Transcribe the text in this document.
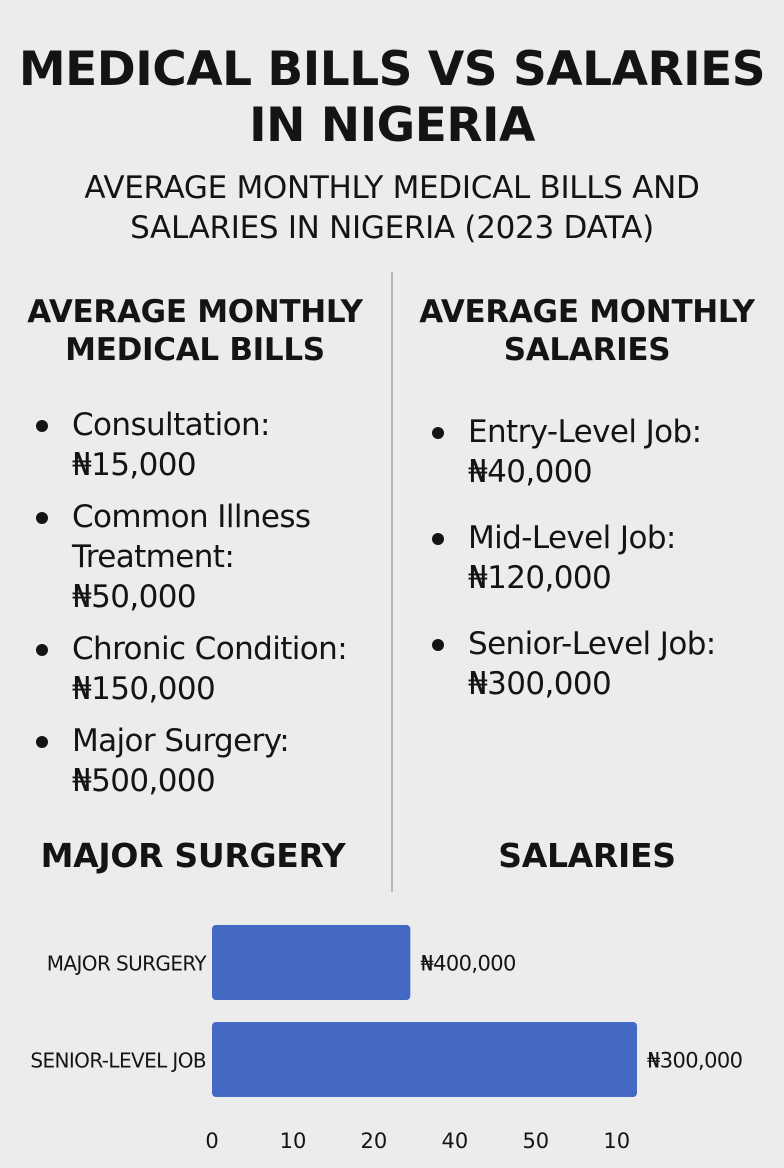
MEDICAL BILLS VS SALARIES
IN NIGERIA
AVERAGE MONTHLY MEDICAL BILLS AND
SALARIES IN NIGERIA (2023 DATA)
AVERAGE MONTHLY
MEDICAL BILLS
AVERAGE MONTHLY
SALARIES
Consultation:
₦15,000
Common Illness Treatment:
₦50,000
Chronic Condition:
₦150,000
Major Surgery:
₦500,000
Entry-Level Job:
₦40,000
Mid-Level Job:
₦120,000
Senior-Level Job:
₦300,000
MAJOR SURGERY	SALARIES
MAJOR SURGERY	₦400,000
SENIOR-LEVEL JOB	₦300,000
0	10	20	40	50	10
